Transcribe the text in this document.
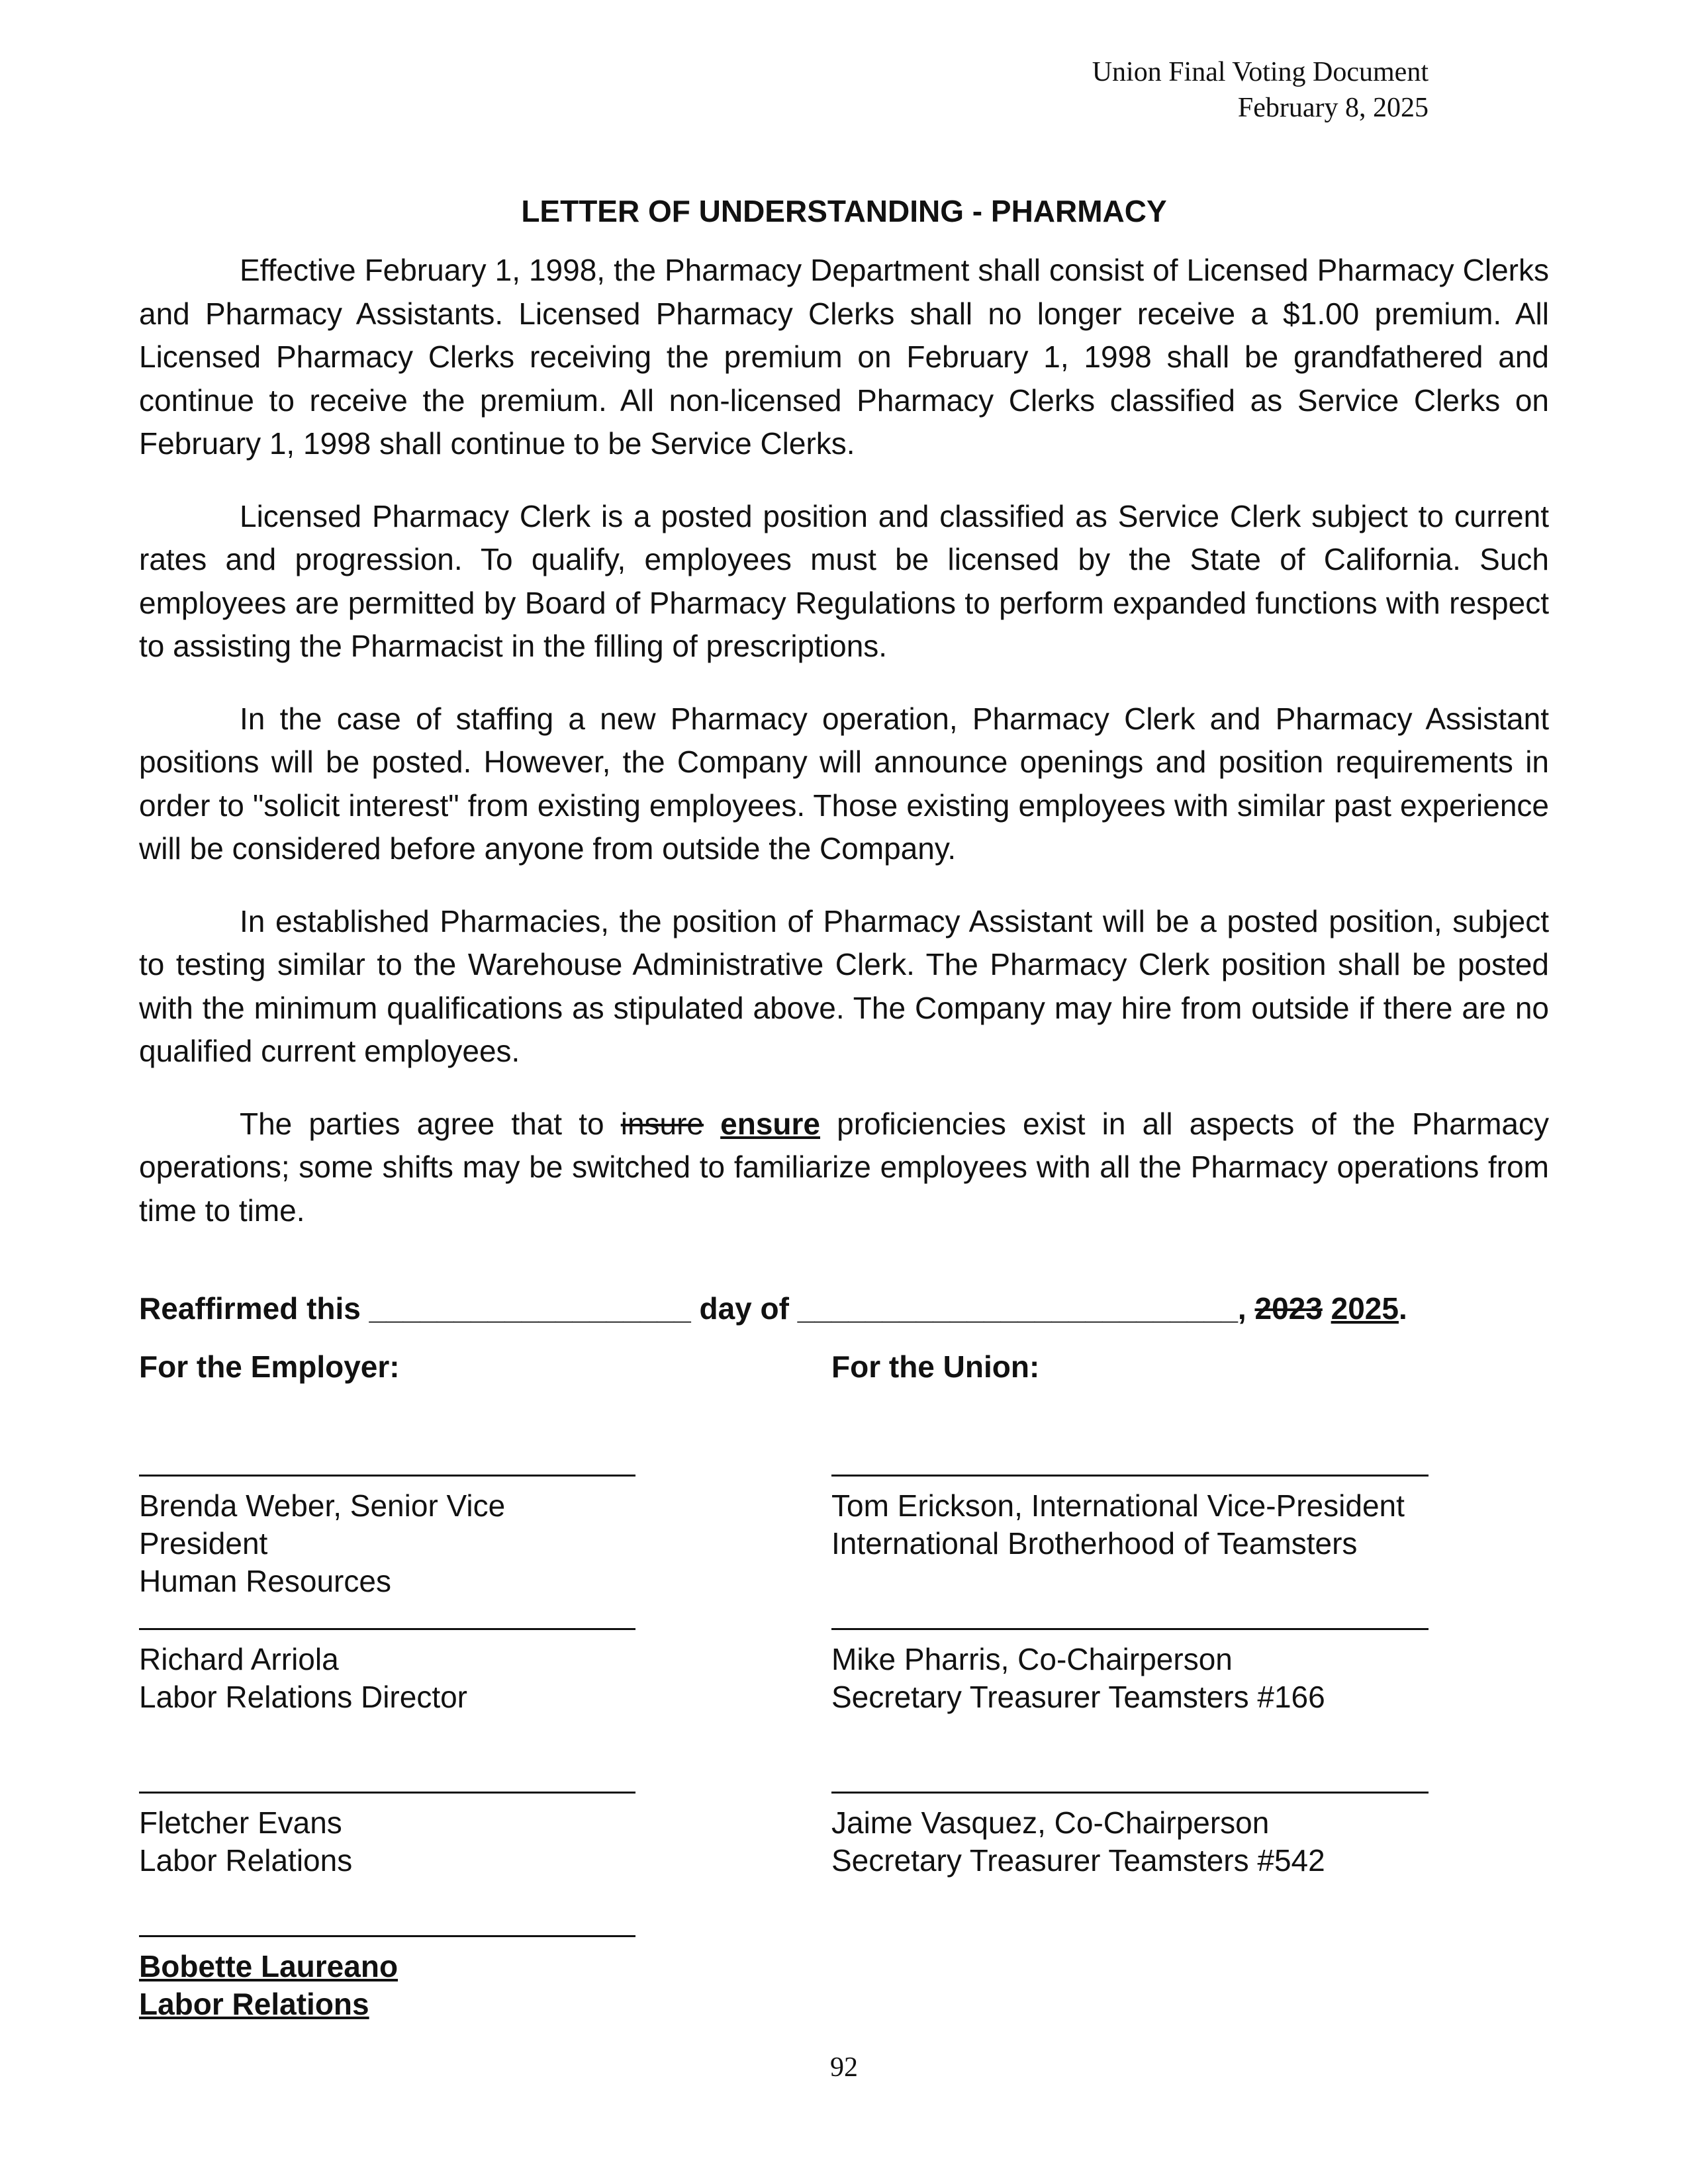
Union Final Voting Document
February 8, 2025
LETTER OF UNDERSTANDING - PHARMACY

Effective February 1, 1998, the Pharmacy Department shall consist of Licensed Pharmacy Clerks and Pharmacy Assistants. Licensed Pharmacy Clerks shall no longer receive a $1.00 premium. All Licensed Pharmacy Clerks receiving the premium on February 1, 1998 shall be grandfathered and continue to receive the premium. All non-licensed Pharmacy Clerks classified as Service Clerks on February 1, 1998 shall continue to be Service Clerks.

Licensed Pharmacy Clerk is a posted position and classified as Service Clerk subject to current rates and progression. To qualify, employees must be licensed by the State of California. Such employees are permitted by Board of Pharmacy Regulations to perform expanded functions with respect to assisting the Pharmacist in the filling of prescriptions.

In the case of staffing a new Pharmacy operation, Pharmacy Clerk and Pharmacy Assistant positions will be posted. However, the Company will announce openings and position requirements in order to "solicit interest" from existing employees. Those existing employees with similar past experience will be considered before anyone from outside the Company.

In established Pharmacies, the position of Pharmacy Assistant will be a posted position, subject to testing similar to the Warehouse Administrative Clerk. The Pharmacy Clerk position shall be posted with the minimum qualifications as stipulated above. The Company may hire from outside if there are no qualified current employees.

The parties agree that to insure ensure proficiencies exist in all aspects of the Pharmacy operations; some shifts may be switched to familiarize employees with all the Pharmacy operations from time to time.

Reaffirmed this ___________________ day of __________________________, 2023 2025.
For the Employer:	For the Union:
Brenda Weber, Senior Vice President
Human Resources
Richard Arriola
Labor Relations Director
Fletcher Evans
Labor Relations
Bobette Laureano
Labor Relations
Tom Erickson, International Vice-President
International Brotherhood of Teamsters
Mike Pharris, Co-Chairperson
Secretary Treasurer Teamsters #166
Jaime Vasquez, Co-Chairperson
Secretary Treasurer Teamsters #542
92
